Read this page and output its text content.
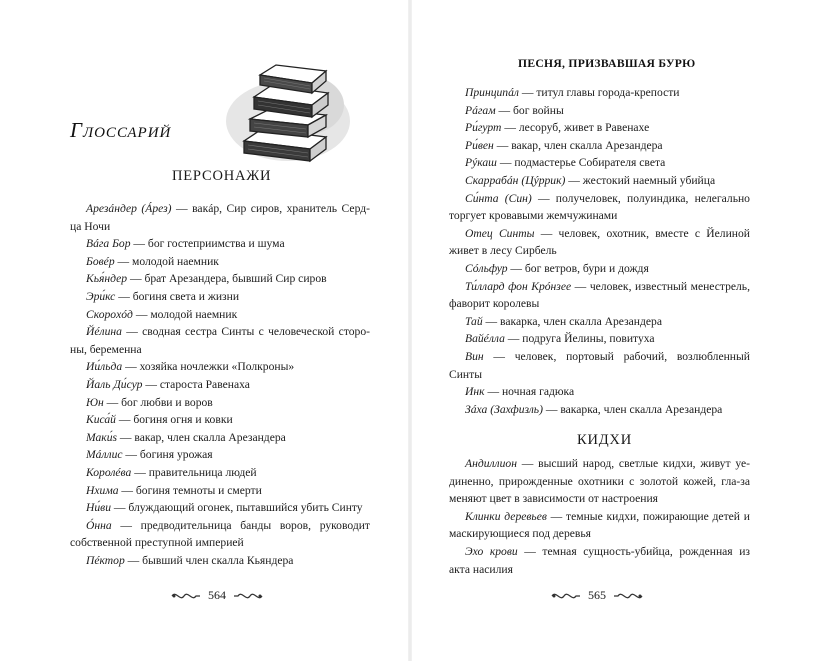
Глоссарий
ПЕРСОНАЖИ

Арезáндер (Áрез) — вакáр, Сир сиров, хранитель Серд-ца Ночи

Вáга Бор — бог гостеприимства и шума

Бовéр — молодой наемник

Кья́ндер — брат Арезандера, бывший Сир сиров

Эри́кс — богиня света и жизни

Скороxóд — молодой наемник

Йéлина — сводная сестра Синты с человеческой сторо-ны, беременна

Ии́льда — хозяйка ночлежки «Полкроны»

Йаль Ди́сур — староста Равенаха

Юн — бог любви и воров

Киса́й — богиня огня и ковки

Маки́s — вакар, член скалла Арезандера

Мáллис — богиня урожая

Королéва — правительница людей

Нхима — богиня темноты и смерти

Ни́ви — блуждающий огонек, пытавшийся убить Синту

Óнна — предводительница банды воров, руководит собственной преступной империей

Пéктор — бывший член скалла Кьяндера

564
ПЕСНЯ, ПРИЗВАВШАЯ БУРЮ

Принципáл — титул главы города-крепости

Рáгам — бог войны

Ри́гурт — лесоруб, живет в Равенахе

Ри́вен — вакар, член скалла Арезандера

Рýкаш — подмастерье Собирателя света

Скаррабáн (Цýррик) — жестокий наемный убийца

Си́нта (Син) — получеловек, полуиндика, нелегально торгует кровавыми жемчужинами

Отец Синты — человек, охотник, вместе с Йелиной живет в лесу Сирбель

Сóльфур — бог ветров, бури и дождя

Ти́ллард фон Крóнзее — человек, известный менестрель, фаворит королевы

Тай — вакарка, член скалла Арезандера

Вайéлла — подруга Йелины, повитуха

Вин — человек, портовый рабочий, возлюбленный Синты

Инк — ночная гадюка

Зáха (Захфизль) — вакарка, член скалла Арезандера

КИДХИ

Андиллион — высший народ, светлые кидхи, живут уе-диненно, прирожденные охотники с золотой кожей, гла-за меняют цвет в зависимости от настроения

Клинки деревьев — темные кидхи, пожирающие детей и маскирующиеся под деревья

Эхо крови — темная сущность-убийца, рожденная из акта насилия

565
